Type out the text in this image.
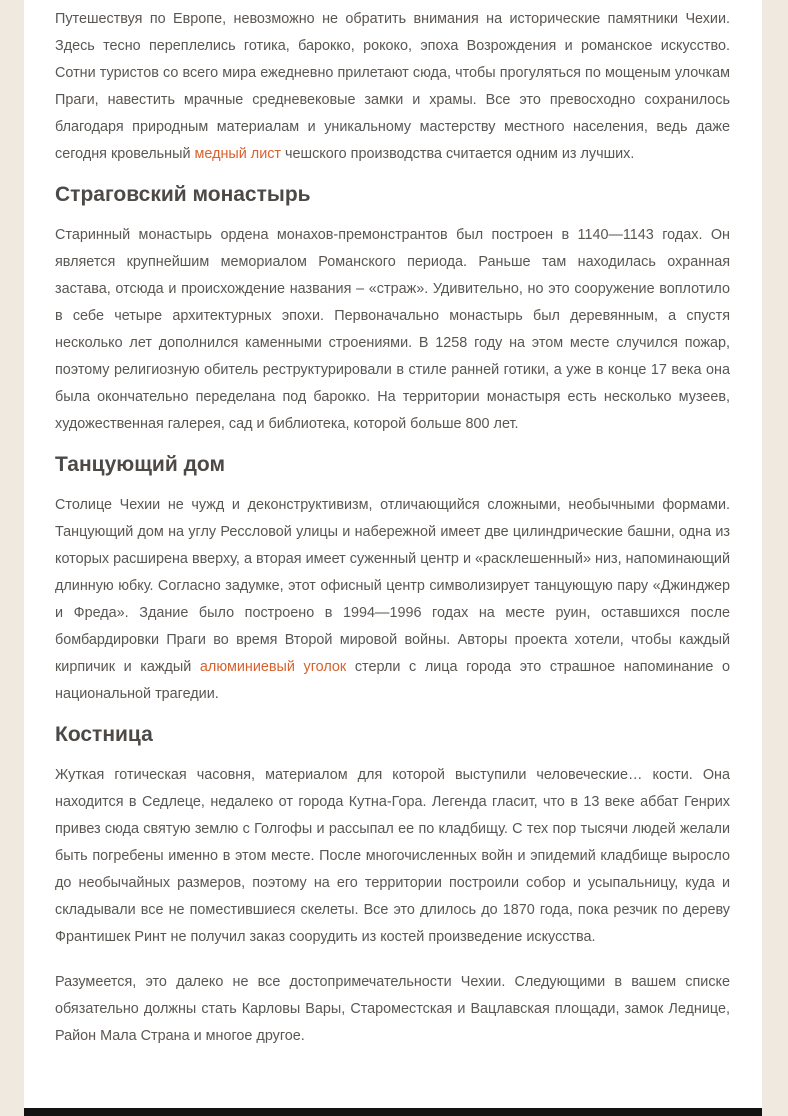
Путешествуя по Европе, невозможно не обратить внимания на исторические памятники Чехии. Здесь тесно переплелись готика, барокко, рококо, эпоха Возрождения и романское искусство. Сотни туристов со всего мира ежедневно прилетают сюда, чтобы прогуляться по мощеным улочкам Праги, навестить мрачные средневековые замки и храмы. Все это превосходно сохранилось благодаря природным материалам и уникальному мастерству местного населения, ведь даже сегодня кровельный медный лист чешского производства считается одним из лучших.

Страговский монастырь

Старинный монастырь ордена монахов-премонстрантов был построен в 1140—1143 годах. Он является крупнейшим мемориалом Романского периода. Раньше там находилась охранная застава, отсюда и происхождение названия – «страж». Удивительно, но это сооружение воплотило в себе четыре архитектурных эпохи. Первоначально монастырь был деревянным, а спустя несколько лет дополнился каменными строениями. В 1258 году на этом месте случился пожар, поэтому религиозную обитель реструктурировали в стиле ранней готики, а уже в конце 17 века она была окончательно переделана под барокко. На территории монастыря есть несколько музеев, художественная галерея, сад и библиотека, которой больше 800 лет.

Танцующий дом

Столице Чехии не чужд и деконструктивизм, отличающийся сложными, необычными формами. Танцующий дом на углу Ресcловой улицы и набережной имеет две цилиндрические башни, одна из которых расширена вверху, а вторая имеет суженный центр и «расклешенный» низ, напоминающий длинную юбку. Согласно задумке, этот офисный центр символизирует танцующую пару «Джинджер и Фреда». Здание было построено в 1994—1996 годах на месте руин, оставшихся после бомбардировки Праги во время Второй мировой войны. Авторы проекта хотели, чтобы каждый кирпичик и каждый алюминиевый уголок стерли с лица города это страшное напоминание о национальной трагедии.

Костница

Жуткая готическая часовня, материалом для которой выступили человеческие… кости. Она находится в Седлеце, недалеко от города Кутна-Гора. Легенда гласит, что в 13 веке аббат Генрих привез сюда святую землю с Голгофы и рассыпал ее по кладбищу. С тех пор тысячи людей желали быть погребены именно в этом месте. После многочисленных войн и эпидемий кладбище выросло до необычайных размеров, поэтому на его территории построили собор и усыпальницу, куда и складывали все не поместившиеся скелеты. Все это длилось до 1870 года, пока резчик по дереву Франтишек Ринт не получил заказ соорудить из костей произведение искусства.

Разумеется, это далеко не все достопримечательности Чехии. Следующими в вашем списке обязательно должны стать Карловы Вары, Староместская и Вацлавская площади, замок Леднице, Район Мала Страна и многое другое.
